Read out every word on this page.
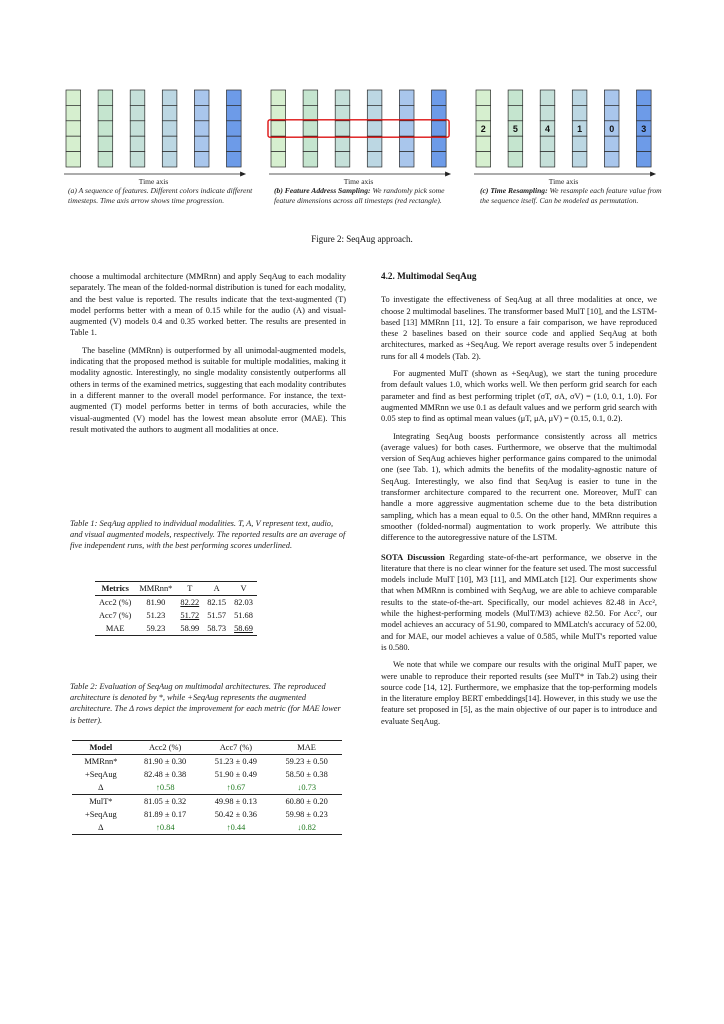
Time axis	Time axis
2	5	4	1	0	3
Time axis
(a) A sequence of features. Different colors indicate different timesteps. Time axis arrow shows time progression.
(b) Feature Address Sampling: We randomly pick some feature dimensions across all timesteps (red rectangle).
(c) Time Resampling: We resample each feature value from the sequence itself. Can be modeled as permutation.
Figure 2: SeqAug approach.

choose a multimodal architecture (MMRnn) and apply SeqAug to each modality separately. The mean of the folded-normal distribution is tuned for each modality, and the best value is reported. The results indicate that the text-augmented (T) model performs better with a mean of 0.15 while for the audio (A) and visual-augmented (V) models 0.4 and 0.35 worked better. The results are presented in Table 1.

The baseline (MMRnn) is outperformed by all unimodal-augmented models, indicating that the proposed method is suitable for multiple modalities, making it modality agnostic. Interestingly, no single modality consistently outperforms all others in terms of the examined metrics, suggesting that each modality contributes in a different manner to the overall model performance. For instance, the text-augmented (T) model performs better in terms of both accuracies, while the visual-augmented (V) model has the lowest mean absolute error (MAE). This result motivated the authors to augment all modalities at once.

Table 1: SeqAug applied to individual modalities. T, A, V represent text, audio, and visual augmented models, respectively. The reported results are an average of five independent runs, with the best performing scores underlined.
Metrics	MMRnn*	T	A	V
Acc2 (%)	81.90	82.22	82.15	82.03
Acc7 (%)	51.23	51.72	51.57	51.68
MAE	59.23	58.99	58.73	58.69
Table 2: Evaluation of SeqAug on multimodal architectures. The reproduced architecture is denoted by *, while +SeqAug represents the augmented architecture. The Δ rows depict the improvement for each metric (for MAE lower is better).
Model	Acc2 (%)	Acc7 (%)	MAE
MMRnn*	81.90 ± 0.30	51.23 ± 0.49	59.23 ± 0.50
+SeqAug	82.48 ± 0.38	51.90 ± 0.49	58.50 ± 0.38
Δ	↑0.58	↑0.67	↓0.73
MulT*	81.05 ± 0.32	49.98 ± 0.13	60.80 ± 0.20
+SeqAug	81.89 ± 0.17	50.42 ± 0.36	59.98 ± 0.23
Δ	↑0.84	↑0.44	↓0.82

4.2. Multimodal SeqAug

To investigate the effectiveness of SeqAug at all three modalities at once, we choose 2 multimodal baselines. The transformer based MulT [10], and the LSTM-based [13] MMRnn [11, 12]. To ensure a fair comparison, we have reproduced these 2 baselines based on their source code and applied SeqAug at both architectures, marked as +SeqAug. We report average results over 5 independent runs for all 4 models (Tab. 2).

For augmented MulT (shown as +SeqAug), we start the tuning procedure from default values 1.0, which works well. We then perform grid search for each parameter and find as best performing triplet (σT, σA, σV) = (1.0, 0.1, 1.0). For augmented MMRnn we use 0.1 as default values and we perform grid search with 0.05 step to find as optimal mean values (μT, μA, μV) = (0.15, 0.1, 0.2).

Integrating SeqAug boosts performance consistently across all metrics (average values) for both cases. Furthermore, we observe that the multimodal version of SeqAug achieves higher performance gains compared to the unimodal one (see Tab. 1), which admits the benefits of the modality-agnostic nature of SeqAug. Interestingly, we also find that SeqAug is easier to tune in the transformer architecture compared to the recurrent one. Moreover, MulT can handle a more aggressive augmentation scheme due to the beta distribution sampling, which has a mean equal to 0.5. On the other hand, MMRnn requires a smoother (folded-normal) augmentation to work properly. We attribute this difference to the autoregressive nature of the LSTM.

SOTA Discussion Regarding state-of-the-art performance, we observe in the literature that there is no clear winner for the feature set used. The most successful models include MulT [10], M3 [11], and MMLatch [12]. Our experiments show that when MMRnn is combined with SeqAug, we are able to achieve comparable results to the state-of-the-art. Specifically, our model achieves 82.48 in Acc², while the highest-performing models (MulT/M3) achieve 82.50. For Acc⁷, our model achieves an accuracy of 51.90, compared to MMLatch's accuracy of 52.00, and for MAE, our model achieves a value of 0.585, while MulT's reported value is 0.580.

We note that while we compare our results with the original MulT paper, we were unable to reproduce their reported results (see MulT* in Tab.2) using their source code [14, 12]. Furthermore, we emphasize that the top-performing models in the literature employ BERT embeddings[14]. However, in this study we use the feature set proposed in [5], as the main objective of our paper is to introduce and evaluate SeqAug.
